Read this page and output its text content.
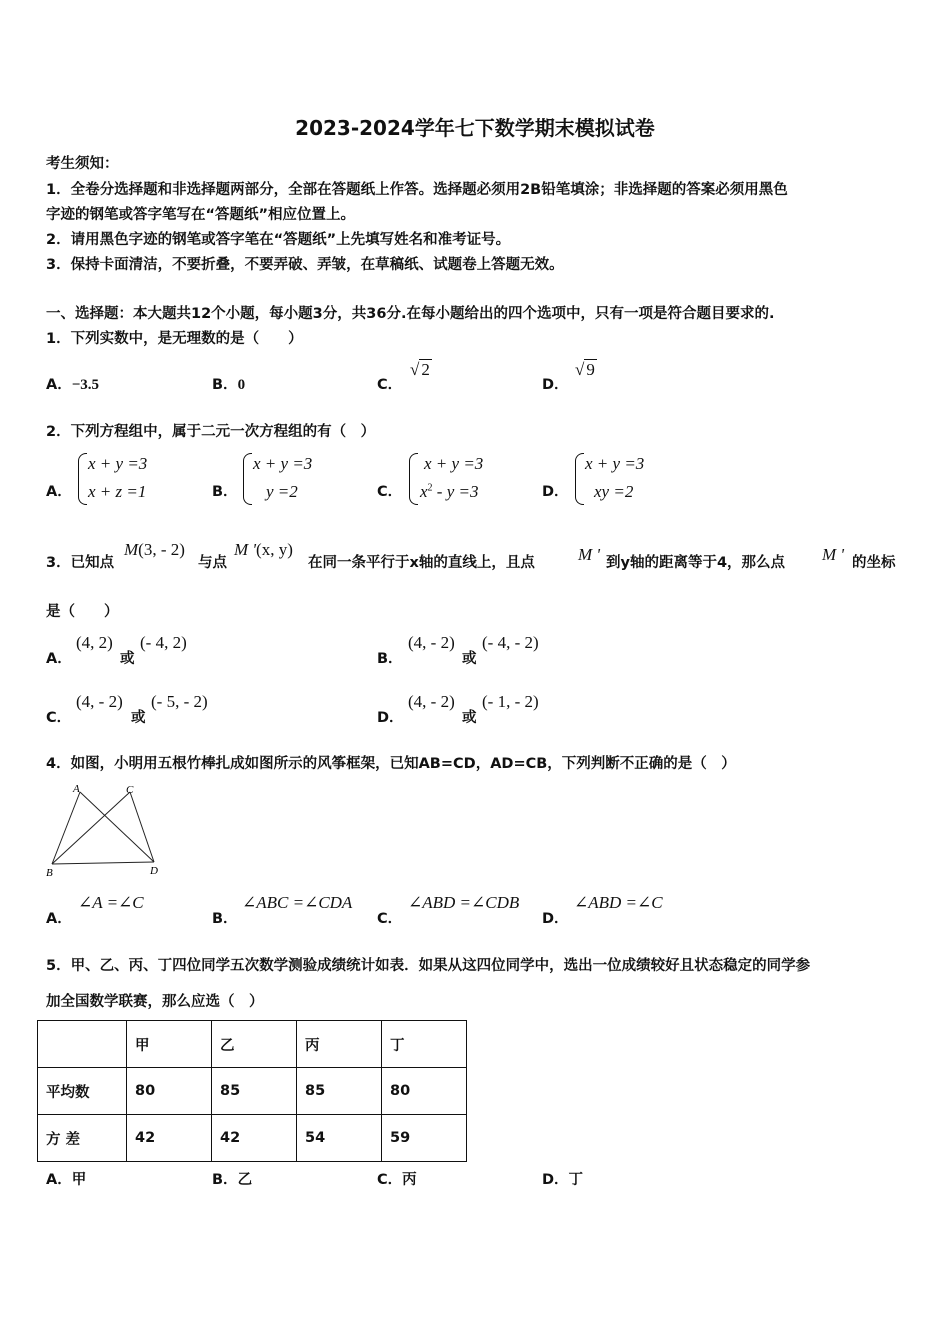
2023-2024学年七下数学期末模拟试卷
考生须知：
1．全卷分选择题和非选择题两部分，全部在答题纸上作答。选择题必须用2B铅笔填涂；非选择题的答案必须用黑色
字迹的钢笔或答字笔写在“答题纸”相应位置上。
2．请用黑色字迹的钢笔或答字笔在“答题纸”上先填写姓名和准考证号。
3．保持卡面清洁，不要折叠，不要弄破、弄皱，在草稿纸、试题卷上答题无效。
一、选择题：本大题共12个小题，每小题3分，共36分.在每小题给出的四个选项中，只有一项是符合题目要求的.
1．下列实数中，是无理数的是（　　）
A．−3.5	B．0	C．
√ 2
D．
√ 9
2．下列方程组中，属于二元一次方程组的有（　）
A．
x + y =3
x + z =1	B．
x + y =3
y =2	C．
x + y =3
$x^2 - y =3$	D．
x + y =3
xy =2
3．已知点
M(3, - 2)
与点
M '(x, y)
在同一条平行于x轴的直线上，且点	M ' 到y轴的距离等于4，那么点 M ' 的坐标
是（　　）
A．
(4, 2)
或
(- 4, 2)
B．
(4, - 2)
或
(- 4, - 2)
C．
(4, - 2)
或
(- 5, - 2)
D．
(4, - 2)
或
(- 1, - 2)
4．如图，小明用五根竹棒扎成如图所示的风筝框架，已知AB=CD，AD=CB，下列判断不正确的是（　）
A	C
B	D
A．
∠A =∠C
B．
∠ABC =∠CDA
C．
∠ABD =∠CDB
D．
∠ABD =∠C
5．甲、乙、丙、丁四位同学五次数学测验成绩统计如表．如果从这四位同学中，选出一位成绩较好且状态稳定的同学参
加全国数学联赛，那么应选（　）
	甲	乙	丙	丁
平均数	80	85	85	80
方 差	42	42	54	59
A．甲	B．乙	C．丙	D．丁
